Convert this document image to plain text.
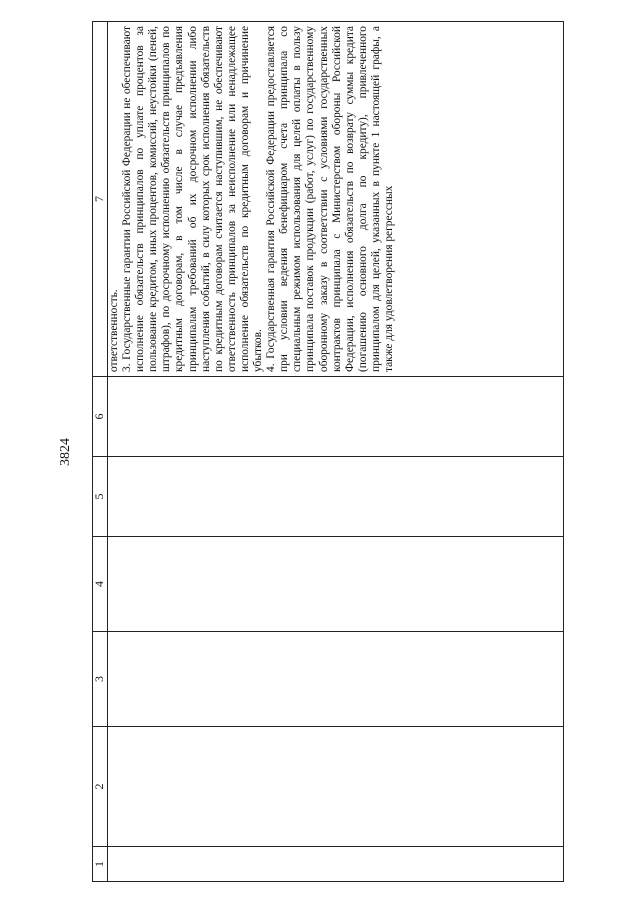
3824
1	2	3	4	5	6	7

						ответственность. 3. Государственные гарантии Российской Федерации не обеспечивают исполнение обязательств принципалов по уплате процентов за пользование кредитом, иных процентов, комиссий, неустойки (пеней, штрафов), по досрочному исполнению обязательств принципалов по кредитным договорам, в том числе в случае предъявления принципалам требований об их досрочном исполнении либо наступления событий, в силу которых срок исполнения обязательств по кредитным договорам считается наступившим, не обеспечивают ответственность принципалов за неисполнение или ненадлежащее исполнение обязательств по кредитным договорам и причинение убытков. 4. Государственная гарантия Российской Федерации предоставляется при условии ведения бенефициаром счета принципала со специальным режимом использования для целей оплаты в пользу принципала поставок продукции (работ, услуг) по государственному оборонному заказу в соответствии с условиями государственных контрактов принципала с Министерством обороны Российской Федерации, исполнения обязательств по возврату суммы кредита (погашению основного долга по кредиту), привлеченного принципалом для целей, указанных в пункте 1 настоящей графы, а также для удовлетворения регрессных
